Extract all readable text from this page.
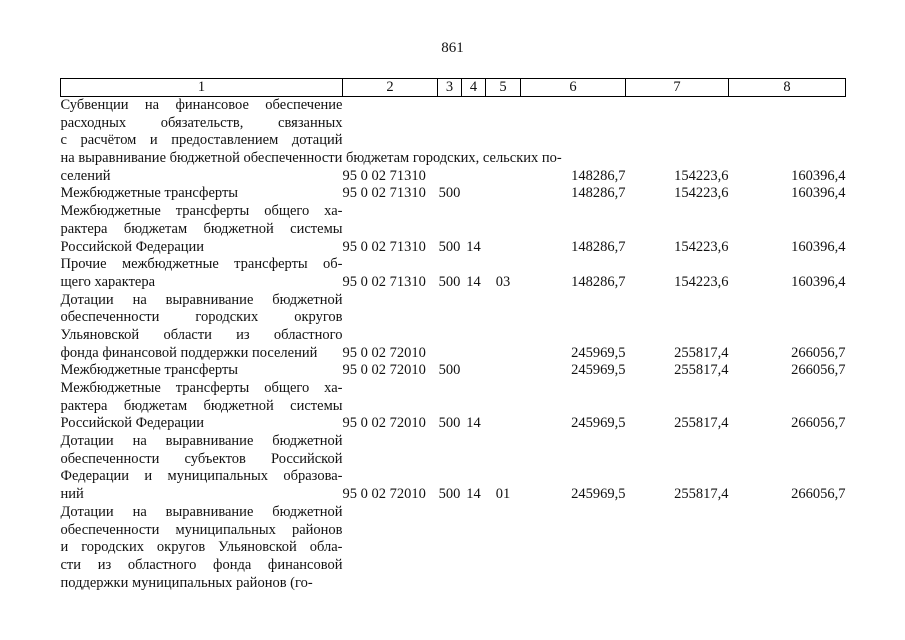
861
1	2	3	4	5	6	7	8

Субвенции на финансовое обеспечение
расходных обязательств, связанных
с расчётом и предоставлением дотаций
на выравнивание бюджетной обеспеченности бюджетам городских, сельских по-
селений	95 0 02 71310				148286,7	154223,6	160396,4

Межбюджетные трансферты	95 0 02 71310	500			148286,7	154223,6	160396,4

Межбюджетные трансферты общего ха-
рактера бюджетам бюджетной системы
Российской Федерации	95 0 02 71310	500	14		148286,7	154223,6	160396,4

Прочие межбюджетные трансферты об-
щего характера	95 0 02 71310	500	14	03	148286,7	154223,6	160396,4

Дотации на выравнивание бюджетной
обеспеченности городских округов
Ульяновской области из областного
фонда финансовой поддержки поселений	95 0 02 72010				245969,5	255817,4	266056,7

Межбюджетные трансферты	95 0 02 72010	500			245969,5	255817,4	266056,7

Межбюджетные трансферты общего ха-
рактера бюджетам бюджетной системы
Российской Федерации	95 0 02 72010	500	14		245969,5	255817,4	266056,7

Дотации на выравнивание бюджетной
обеспеченности субъектов Российской
Федерации и муниципальных образова-
ний	95 0 02 72010	500	14	01	245969,5	255817,4	266056,7

Дотации на выравнивание бюджетной
обеспеченности муниципальных районов
и городских округов Ульяновской обла-
сти из областного фонда финансовой
поддержки муниципальных районов (го-							
